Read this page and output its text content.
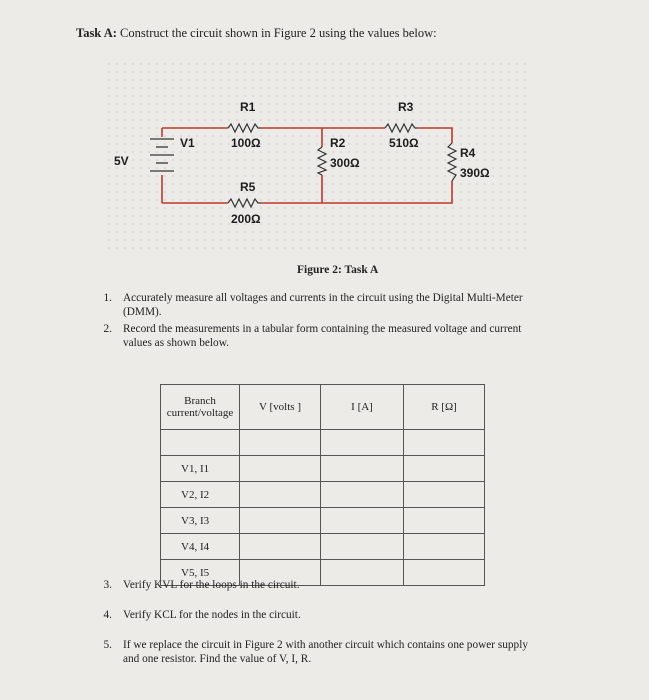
Task A: Construct the circuit shown in Figure 2 using the values below:
V1
5V
R1
100Ω	R2
300Ω
R3
510Ω
R4
390Ω
R5
200Ω
Figure 2: Task A
1. Accurately measure all voltages and currents in the circuit using the Digital Multi-Meter
(DMM).
2. Record the measurements in a tabular form containing the measured voltage and current
values as shown below.
Branch current/voltage	V [volts ]	I [A]	R [Ω]

V1, I1			
V2, I2			
V3, I3			
V4, I4			
V5, I5			
3. Verify KVL for the loops in the circuit.
4. Verify KCL for the nodes in the circuit.
5. If we replace the circuit in Figure 2 with another circuit which contains one power supply
and one resistor. Find the value of V, I, R.
